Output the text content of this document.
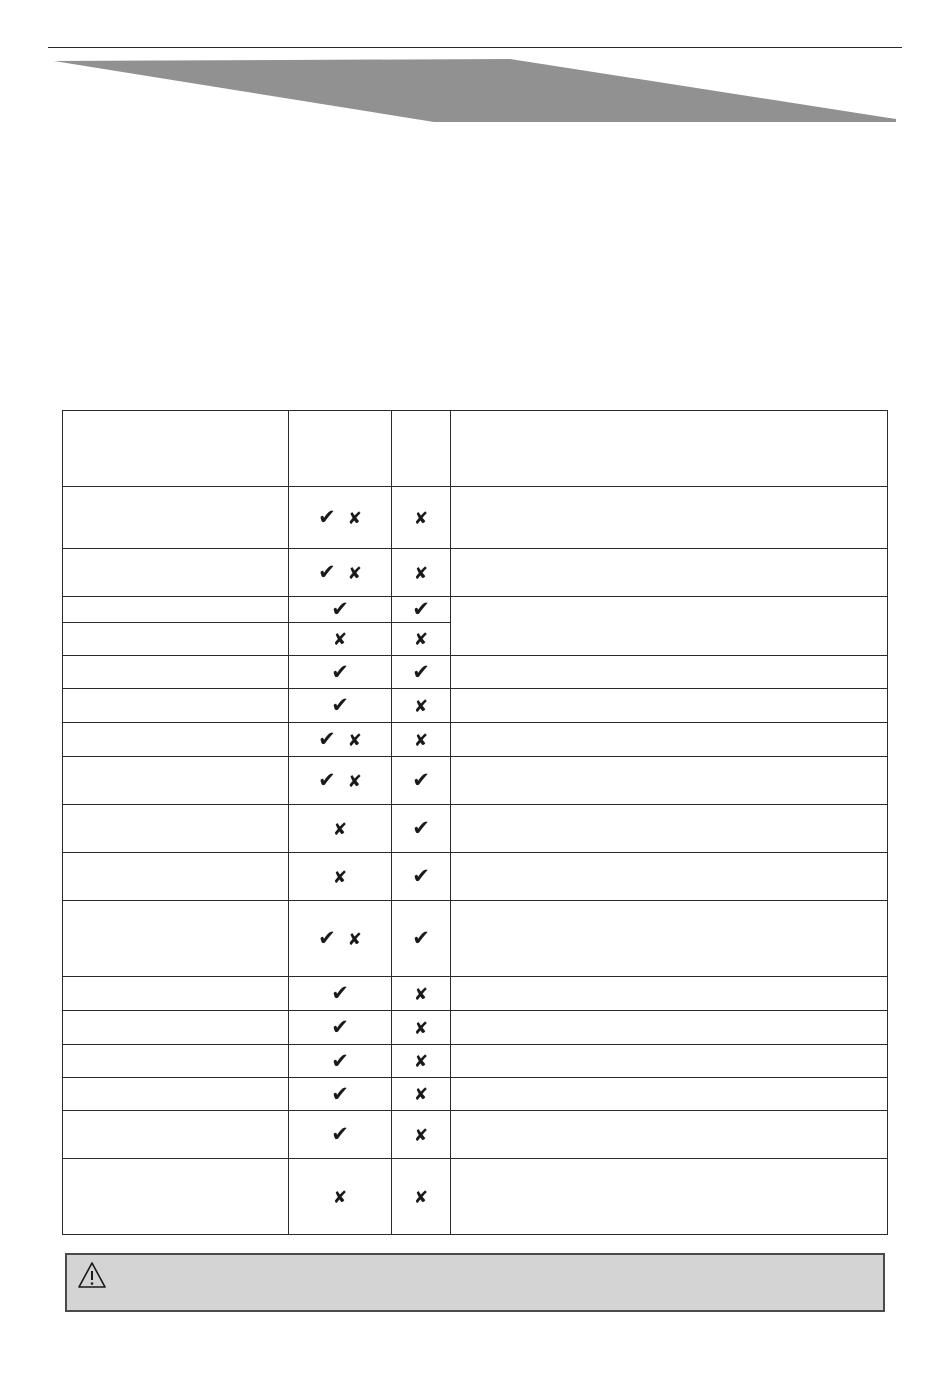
	✔ ✘	✘	
	✔ ✘	✘	
	✔	✔	
	✘	✘	
	✔	✔	
	✔	✘	
	✔ ✘	✘	
	✔ ✘	✔	
	✘	✔	
	✘	✔	
	✔ ✘	✔	
	✔	✘	
	✔	✘	
	✔	✘	
	✔	✘	
	✔	✘	
	✘	✘	
